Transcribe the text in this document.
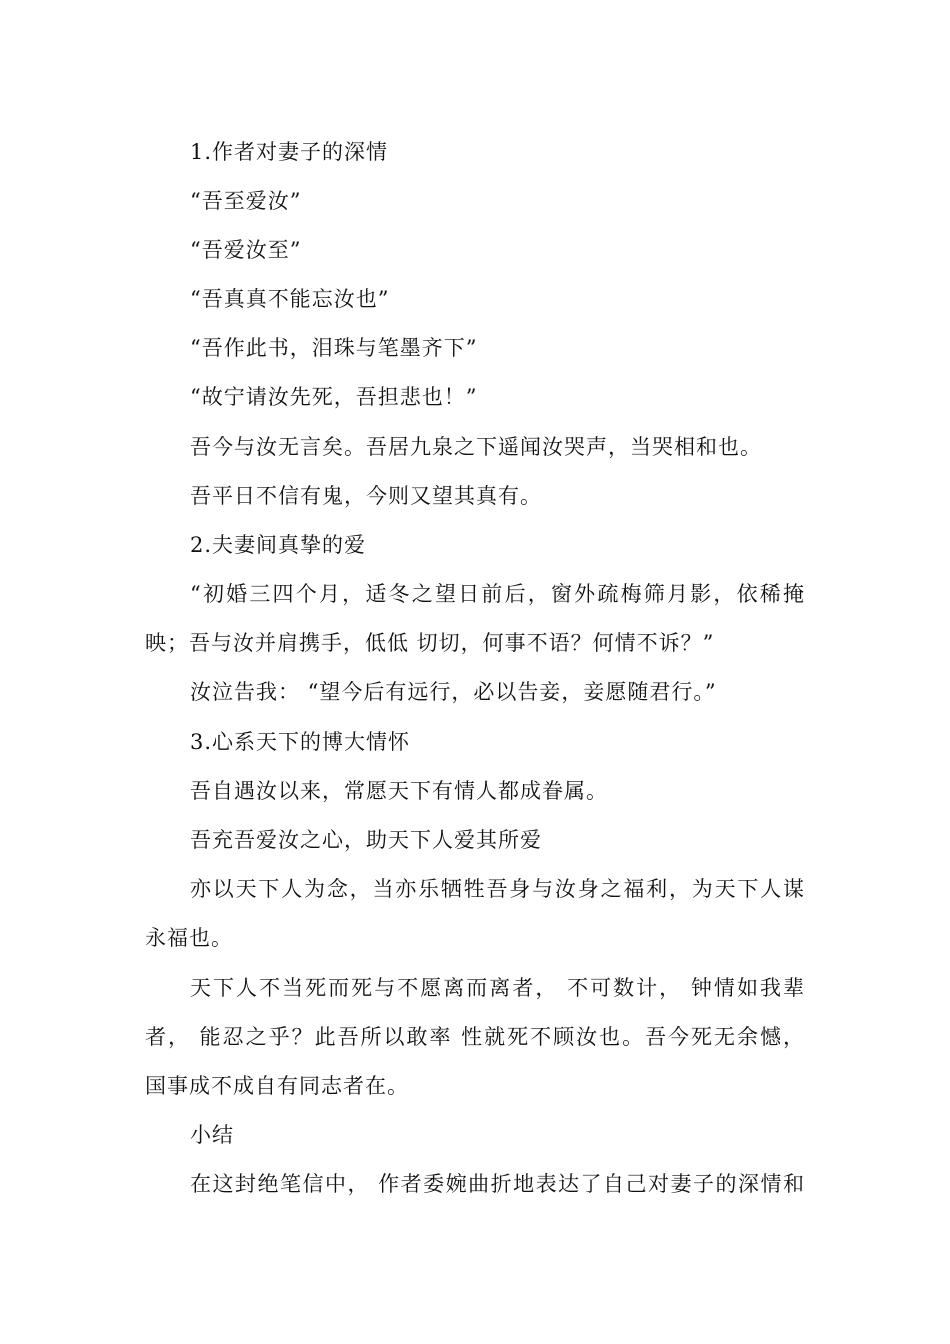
1.作者对妻子的深情
“吾至爱汝”
“吾爱汝至”
“吾真真不能忘汝也”
“吾作此书，泪珠与笔墨齐下”
“故宁请汝先死，吾担悲也！”
吾今与汝无言矣。吾居九泉之下遥闻汝哭声，当哭相和也。
吾平日不信有鬼，今则又望其真有。
2.夫妻间真挚的爱
“初婚三四个月，适冬之望日前后，窗外疏梅筛月影，依稀掩
映；吾与汝并肩携手，低低 切切，何事不语？何情不诉？”
汝泣告我： “望今后有远行，必以告妾，妾愿随君行。”
3.心系天下的博大情怀
吾自遇汝以来，常愿天下有情人都成眷属。
吾充吾爱汝之心，助天下人爱其所爱
亦以天下人为念，当亦乐牺牲吾身与汝身之福利，为天下人谋
永福也。
天下人不当死而死与不愿离而离者， 不可数计， 钟情如我辈
者， 能忍之乎？此吾所以敢率 性就死不顾汝也。吾今死无余憾，
国事成不成自有同志者在。
小结
在这封绝笔信中， 作者委婉曲折地表达了自己对妻子的深情和
